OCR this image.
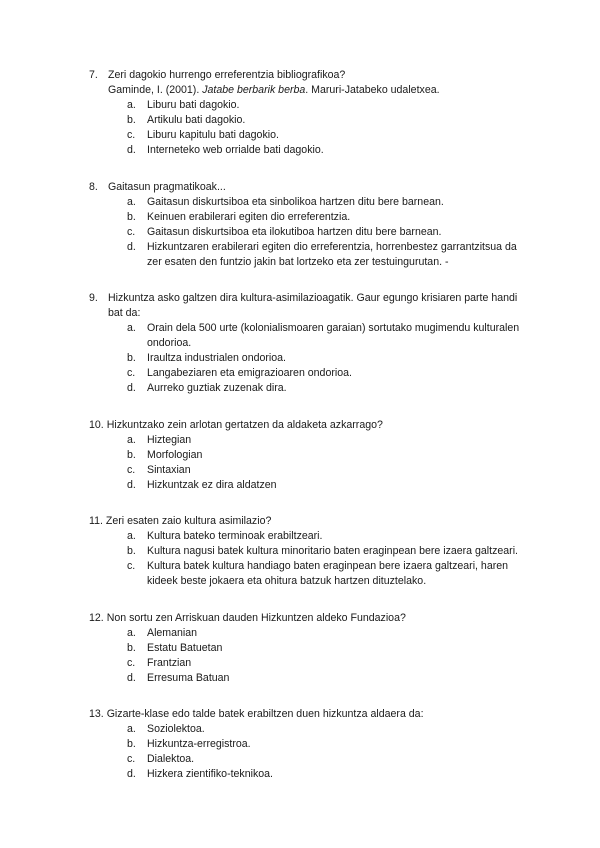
7. Zeri dagokio hurrengo erreferentzia bibliografikoa?
Gaminde, I. (2001). Jatabe berbarik berba. Maruri-Jatabeko udaletxea.
a.	Liburu bati dagokio.
b.	Artikulu bati dagokio.
c.	Liburu kapitulu bati dagokio.
d.	Interneteko web orrialde bati dagokio.
8. Gaitasun pragmatikoak...
a.	Gaitasun diskurtsiboa eta sinbolikoa hartzen ditu bere barnean.
b.	Keinuen erabilerari egiten dio erreferentzia.
c.	Gaitasun diskurtsiboa eta ilokutiboa hartzen ditu bere barnean.
d.	Hizkuntzaren erabilerari egiten dio erreferentzia, horrenbestez garrantzitsua da zer esaten den funtzio jakin bat lortzeko eta zer testuingurutan. -
9. Hizkuntza asko galtzen dira kultura-asimilazioagatik. Gaur egungo krisiaren parte handi bat da:
a.	Orain dela 500 urte (kolonialismoaren garaian) sortutako mugimendu kulturalen ondorioa.
b.	Iraultza industrialen ondorioa.
c.	Langabeziaren eta emigrazioaren ondorioa.
d.	Aurreko guztiak zuzenak dira.
10.
Hizkuntzako zein arlotan gertatzen da aldaketa azkarrago?
a.	Hiztegian
b.	Morfologian
c.	Sintaxian
d.	Hizkuntzak ez dira aldatzen
11.
Zeri esaten zaio kultura asimilazio?
a.	Kultura bateko terminoak erabiltzeari.
b.	Kultura nagusi batek kultura minoritario baten eraginpean bere izaera galtzeari.
c.	Kultura batek kultura handiago baten eraginpean bere izaera galtzeari, haren kideek beste jokaera eta ohitura batzuk hartzen dituztelako.
12.
Non sortu zen Arriskuan dauden Hizkuntzen aldeko Fundazioa?
a.	Alemanian
b.	Estatu Batuetan
c.	Frantzian
d.	Erresuma Batuan
13.
Gizarte-klase edo talde batek erabiltzen duen hizkuntza aldaera da:
a.	Soziolektoa.
b.	Hizkuntza-erregistroa.
c.	Dialektoa.
d.	Hizkera zientifiko-teknikoa.
